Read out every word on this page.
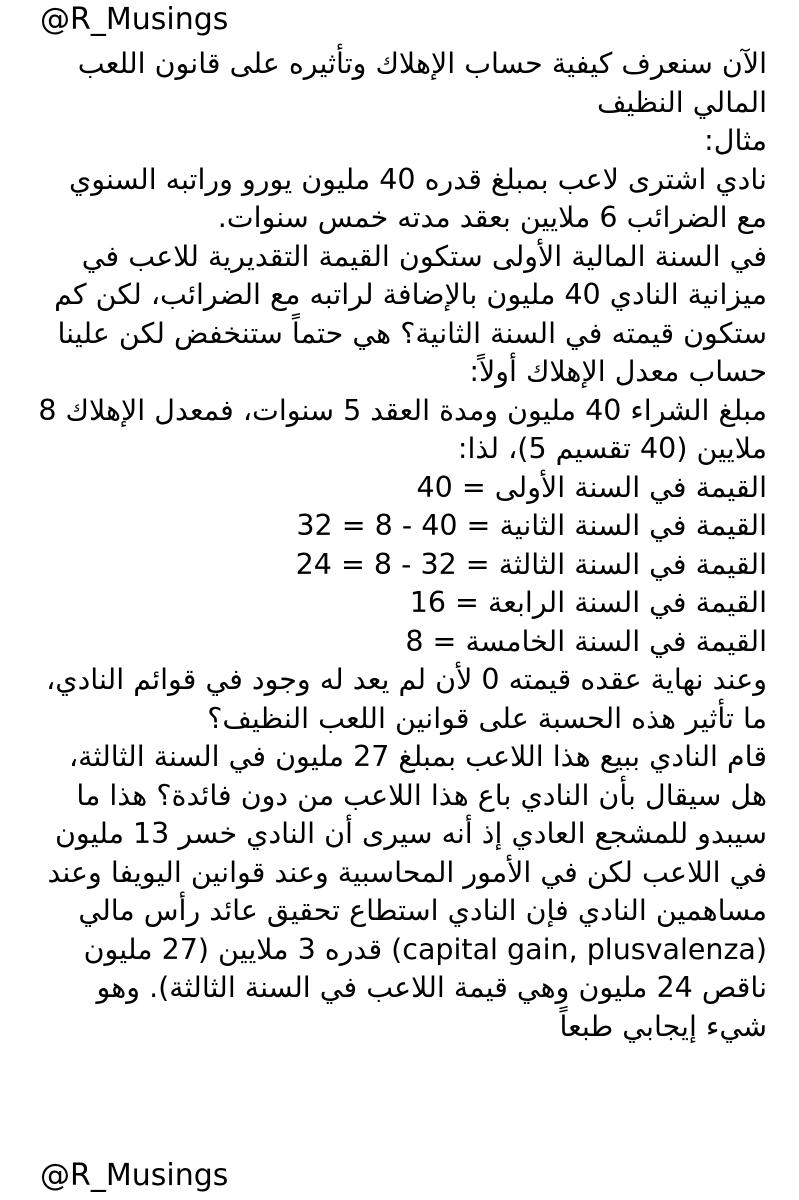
@R_Musings

الآن سنعرف كيفية حساب الإهلاك وتأثيره على قانون اللعب المالي النظيف

مثال:

نادي اشترى لاعب بمبلغ قدره 40 مليون يورو وراتبه السنوي مع الضرائب 6 ملايين بعقد مدته خمس سنوات.

في السنة المالية الأولى ستكون القيمة التقديرية للاعب في ميزانية النادي 40 مليون بالإضافة لراتبه مع الضرائب، لكن كم ستكون قيمته في السنة الثانية؟ هي حتماً ستنخفض لكن علينا حساب معدل الإهلاك أولاً:

مبلغ الشراء 40 مليون ومدة العقد 5 سنوات، فمعدل الإهلاك 8 ملايين (40 تقسيم 5)، لذا:

القيمة في السنة الأولى = 40
القيمة في السنة الثانية = 40 - 8 = 32
القيمة في السنة الثالثة = 32 - 8 = 24
القيمة في السنة الرابعة = 16
القيمة في السنة الخامسة = 8

وعند نهاية عقده قيمته 0 لأن لم يعد له وجود في قوائم النادي، ما تأثير هذه الحسبة على قوانين اللعب النظيف؟

قام النادي ببيع هذا اللاعب بمبلغ 27 مليون في السنة الثالثة، هل سيقال بأن النادي باع هذا اللاعب من دون فائدة؟ هذا ما سيبدو للمشجع العادي إذ أنه سيرى أن النادي خسر 13 مليون في اللاعب لكن في الأمور المحاسبية وعند قوانين اليويفا وعند مساهمين النادي فإن النادي استطاع تحقيق عائد رأس مالي (capital gain, plusvalenza) قدره 3 ملايين (27 مليون ناقص 24 مليون وهي قيمة اللاعب في السنة الثالثة). وهو شيء إيجابي طبعاً

@R_Musings
